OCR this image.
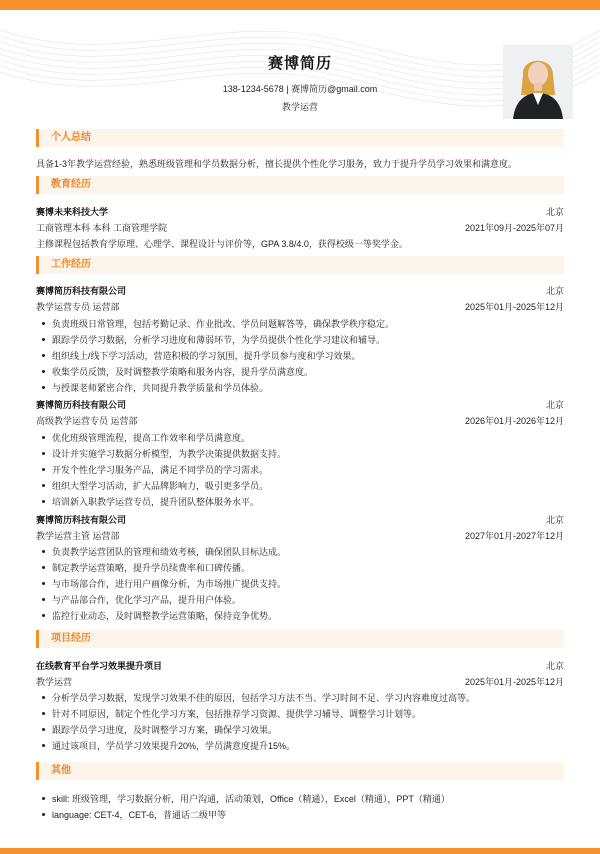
赛博简历
138-1234-5678 | 赛博简历@gmail.com
教学运营
个人总结
具备1-3年教学运营经验，熟悉班级管理和学员数据分析，擅长提供个性化学习服务，致力于提升学员学习效果和满意度。
教育经历
赛博未来科技大学	北京
工商管理本科 本科 工商管理学院	2021年09月-2025年07月
主修课程包括教育学原理、心理学、课程设计与评价等，GPA 3.8/4.0，获得校级一等奖学金。
工作经历
赛博简历科技有限公司	北京
教学运营专员 运营部	2025年01月-2025年12月
负责班级日常管理，包括考勤记录、作业批改、学员问题解答等，确保教学秩序稳定。
跟踪学员学习数据，分析学习进度和薄弱环节，为学员提供个性化学习建议和辅导。
组织线上/线下学习活动，营造积极的学习氛围，提升学员参与度和学习效果。
收集学员反馈，及时调整教学策略和服务内容，提升学员满意度。
与授课老师紧密合作，共同提升教学质量和学员体验。
赛博简历科技有限公司	北京
高级教学运营专员 运营部	2026年01月-2026年12月
优化班级管理流程，提高工作效率和学员满意度。
设计并实施学习数据分析模型，为教学决策提供数据支持。
开发个性化学习服务产品，满足不同学员的学习需求。
组织大型学习活动，扩大品牌影响力，吸引更多学员。
培训新入职教学运营专员，提升团队整体服务水平。
赛博简历科技有限公司	北京
教学运营主管 运营部	2027年01月-2027年12月
负责教学运营团队的管理和绩效考核，确保团队目标达成。
制定教学运营策略，提升学员续费率和口碑传播。
与市场部合作，进行用户画像分析，为市场推广提供支持。
与产品部合作，优化学习产品，提升用户体验。
监控行业动态，及时调整教学运营策略，保持竞争优势。
项目经历
在线教育平台学习效果提升项目	北京
教学运营	2025年01月-2025年12月
分析学员学习数据，发现学习效果不佳的原因，包括学习方法不当、学习时间不足、学习内容难度过高等。
针对不同原因，制定个性化学习方案，包括推荐学习资源、提供学习辅导、调整学习计划等。
跟踪学员学习进度，及时调整学习方案，确保学习效果。
通过该项目，学员学习效果提升20%，学员满意度提升15%。
其他
skill: 班级管理，学习数据分析，用户沟通，活动策划，Office（精通），Excel（精通），PPT（精通）
language: CET-4，CET-6，普通话二级甲等
